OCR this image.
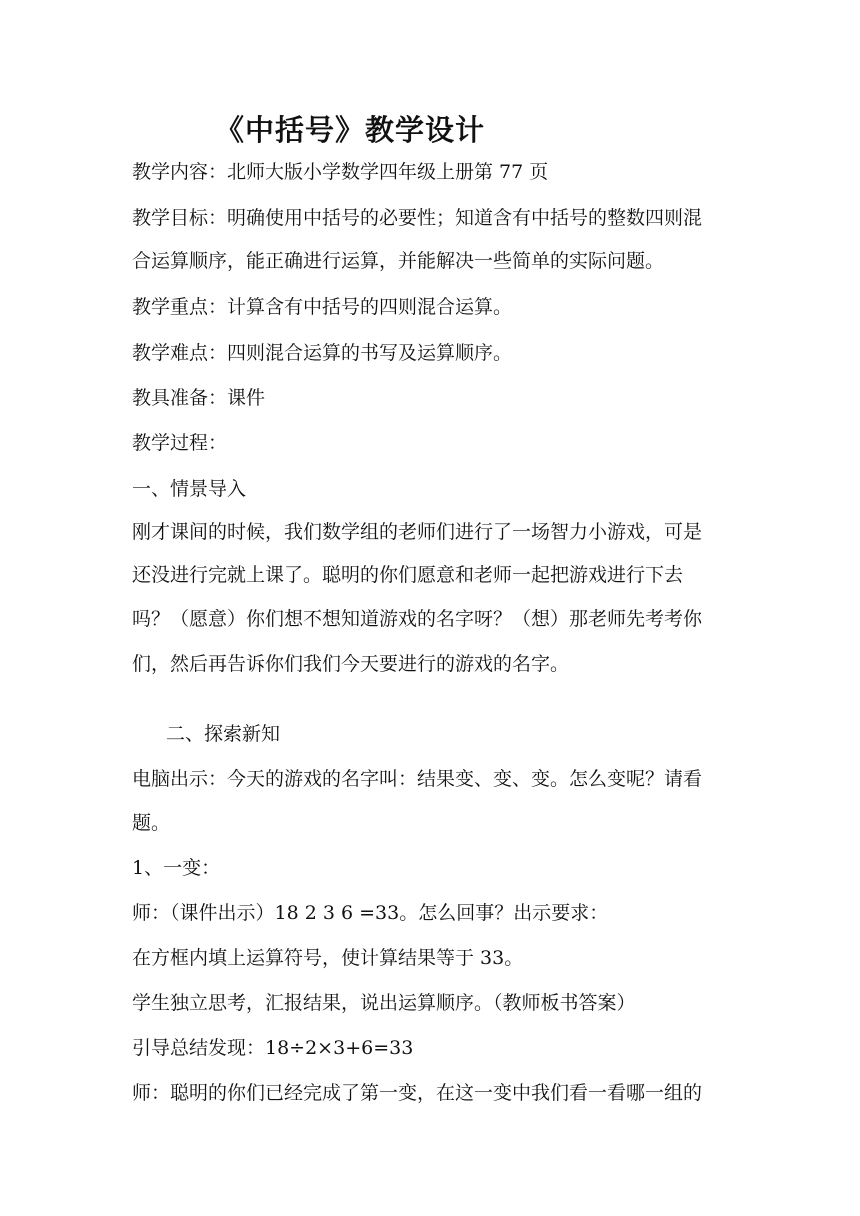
《中括号》教学设计
教学内容：北师大版小学数学四年级上册第 77 页
教学目标：明确使用中括号的必要性；知道含有中括号的整数四则混
合运算顺序，能正确进行运算，并能解决一些简单的实际问题。
教学重点：计算含有中括号的四则混合运算。
教学难点：四则混合运算的书写及运算顺序。
教具准备：课件
教学过程：
一、情景导入
刚才课间的时候，我们数学组的老师们进行了一场智力小游戏，可是
还没进行完就上课了。聪明的你们愿意和老师一起把游戏进行下去
吗？（愿意）你们想不想知道游戏的名字呀？（想）那老师先考考你
们，然后再告诉你们我们今天要进行的游戏的名字。
二、探索新知
电脑出示：今天的游戏的名字叫：结果变、变、变。怎么变呢？请看
题。
1、一变：
师：（课件出示）18 2 3 6 =33。怎么回事？出示要求：
在方框内填上运算符号，使计算结果等于 33。
学生独立思考，汇报结果，说出运算顺序。（教师板书答案）
引导总结发现：18÷2×3+6=33
师：聪明的你们已经完成了第一变，在这一变中我们看一看哪一组的
